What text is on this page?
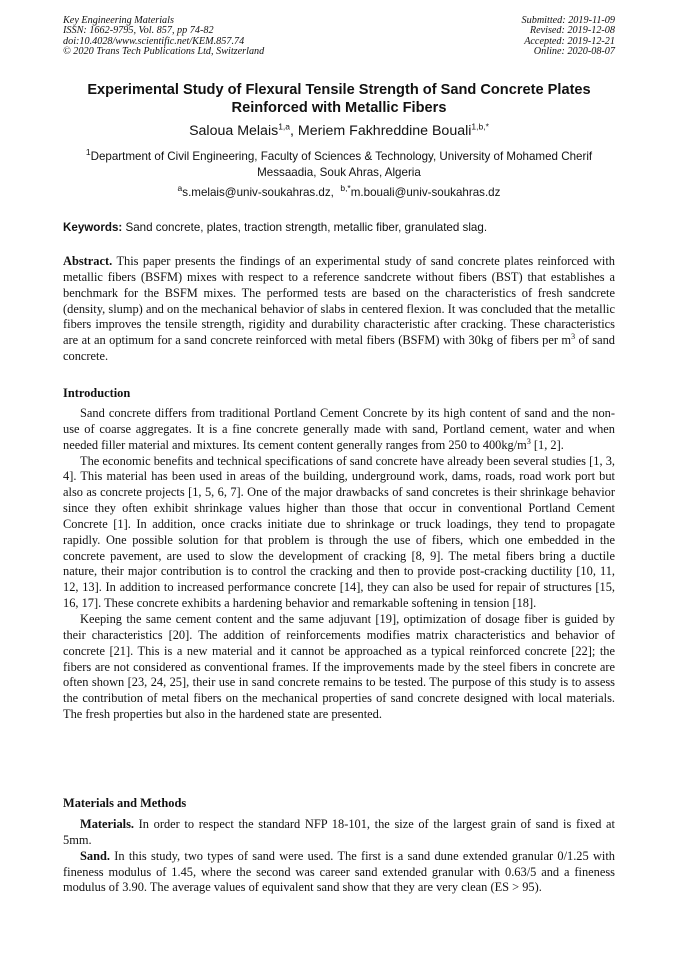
Key Engineering Materials
ISSN: 1662-9795, Vol. 857, pp 74-82
doi:10.4028/www.scientific.net/KEM.857.74
© 2020 Trans Tech Publications Ltd, Switzerland
Submitted: 2019-11-09
Revised: 2019-12-08
Accepted: 2019-12-21
Online: 2020-08-07
Experimental Study of Flexural Tensile Strength of Sand Concrete Plates Reinforced with Metallic Fibers
Saloua Melais$^{1,a}$, Meriem Fakhreddine Bouali$^{1,b,*}$
$^1$Department of Civil Engineering, Faculty of Sciences & Technology, University of Mohamed Cherif Messaadia, Souk Ahras, Algeria
$^a$s.melais@univ-soukahras.dz, $^{b,*}$m.bouali@univ-soukahras.dz
Keywords: Sand concrete, plates, traction strength, metallic fiber, granulated slag.

Abstract. This paper presents the findings of an experimental study of sand concrete plates reinforced with metallic fibers (BSFM) mixes with respect to a reference sandcrete without fibers (BST) that establishes a benchmark for the BSFM mixes. The performed tests are based on the characteristics of fresh sandcrete (density, slump) and on the mechanical behavior of slabs in centered flexion. It was concluded that the metallic fibers improves the tensile strength, rigidity and durability characteristic after cracking. These characteristics are at an optimum for a sand concrete reinforced with metal fibers (BSFM) with 30kg of fibers per $m^3$ of sand concrete.

Introduction

Sand concrete differs from traditional Portland Cement Concrete by its high content of sand and the non-use of coarse aggregates. It is a fine concrete generally made with sand, Portland cement, water and when needed filler material and mixtures. Its cement content generally ranges from 250 to $400kg/m^3$ [1, 2].

The economic benefits and technical specifications of sand concrete have already been several studies [1, 3, 4]. This material has been used in areas of the building, underground work, dams, roads, road work port but also as concrete projects [1, 5, 6, 7]. One of the major drawbacks of sand concretes is their shrinkage behavior since they often exhibit shrinkage values higher than those that occur in conventional Portland Cement Concrete [1]. In addition, once cracks initiate due to shrinkage or truck loadings, they tend to propagate rapidly. One possible solution for that problem is through the use of fibers, which one embedded in the concrete pavement, are used to slow the development of cracking [8, 9]. The metal fibers bring a ductile nature, their major contribution is to control the cracking and then to provide post-cracking ductility [10, 11, 12, 13]. In addition to increased performance concrete [14], they can also be used for repair of structures [15, 16, 17]. These concrete exhibits a hardening behavior and remarkable softening in tension [18].

Keeping the same cement content and the same adjuvant [19], optimization of dosage fiber is guided by their characteristics [20]. The addition of reinforcements modifies matrix characteristics and behavior of concrete [21]. This is a new material and it cannot be approached as a typical reinforced concrete [22]; the fibers are not considered as conventional frames. If the improvements made by the steel fibers in concrete are often shown [23, 24, 25], their use in sand concrete remains to be tested. The purpose of this study is to assess the contribution of metal fibers on the mechanical properties of sand concrete designed with local materials. The fresh properties but also in the hardened state are presented.

Materials and Methods

Materials. In order to respect the standard NFP 18-101, the size of the largest grain of sand is fixed at 5mm.

Sand. In this study, two types of sand were used. The first is a sand dune extended granular 0/1.25 with fineness modulus of 1.45, where the second was career sand extended granular with 0.63/5 and a fineness modulus of 3.90. The average values of equivalent sand show that they are very clean (ES > 95).
